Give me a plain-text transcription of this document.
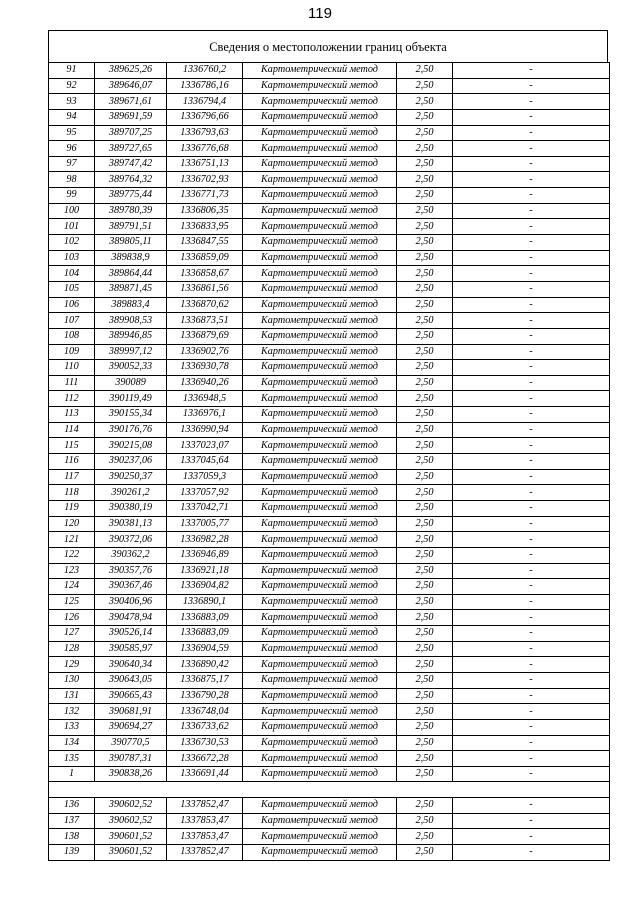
119
Сведения о местоположении границ объекта
91	389625,26	1336760,2	Картометрический метод	2,50	-
92	389646,07	1336786,16	Картометрический метод	2,50	-
93	389671,61	1336794,4	Картометрический метод	2,50	-
94	389691,59	1336796,66	Картометрический метод	2,50	-
95	389707,25	1336793,63	Картометрический метод	2,50	-
96	389727,65	1336776,68	Картометрический метод	2,50	-
97	389747,42	1336751,13	Картометрический метод	2,50	-
98	389764,32	1336702,93	Картометрический метод	2,50	-
99	389775,44	1336771,73	Картометрический метод	2,50	-
100	389780,39	1336806,35	Картометрический метод	2,50	-
101	389791,51	1336833,95	Картометрический метод	2,50	-
102	389805,11	1336847,55	Картометрический метод	2,50	-
103	389838,9	1336859,09	Картометрический метод	2,50	-
104	389864,44	1336858,67	Картометрический метод	2,50	-
105	389871,45	1336861,56	Картометрический метод	2,50	-
106	389883,4	1336870,62	Картометрический метод	2,50	-
107	389908,53	1336873,51	Картометрический метод	2,50	-
108	389946,85	1336879,69	Картометрический метод	2,50	-
109	389997,12	1336902,76	Картометрический метод	2,50	-
110	390052,33	1336930,78	Картометрический метод	2,50	-
111	390089	1336940,26	Картометрический метод	2,50	-
112	390119,49	1336948,5	Картометрический метод	2,50	-
113	390155,34	1336976,1	Картометрический метод	2,50	-
114	390176,76	1336990,94	Картометрический метод	2,50	-
115	390215,08	1337023,07	Картометрический метод	2,50	-
116	390237,06	1337045,64	Картометрический метод	2,50	-
117	390250,37	1337059,3	Картометрический метод	2,50	-
118	390261,2	1337057,92	Картометрический метод	2,50	-
119	390380,19	1337042,71	Картометрический метод	2,50	-
120	390381,13	1337005,77	Картометрический метод	2,50	-
121	390372,06	1336982,28	Картометрический метод	2,50	-
122	390362,2	1336946,89	Картометрический метод	2,50	-
123	390357,76	1336921,18	Картометрический метод	2,50	-
124	390367,46	1336904,82	Картометрический метод	2,50	-
125	390406,96	1336890,1	Картометрический метод	2,50	-
126	390478,94	1336883,09	Картометрический метод	2,50	-
127	390526,14	1336883,09	Картометрический метод	2,50	-
128	390585,97	1336904,59	Картометрический метод	2,50	-
129	390640,34	1336890,42	Картометрический метод	2,50	-
130	390643,05	1336875,17	Картометрический метод	2,50	-
131	390665,43	1336790,28	Картометрический метод	2,50	-
132	390681,91	1336748,04	Картометрический метод	2,50	-
133	390694,27	1336733,62	Картометрический метод	2,50	-
134	390770,5	1336730,53	Картометрический метод	2,50	-
135	390787,31	1336672,28	Картометрический метод	2,50	-
1	390838,26	1336691,44	Картометрический метод	2,50	-

136	390602,52	1337852,47	Картометрический метод	2,50	-
137	390602,52	1337853,47	Картометрический метод	2,50	-
138	390601,52	1337853,47	Картометрический метод	2,50	-
139	390601,52	1337852,47	Картометрический метод	2,50	-
